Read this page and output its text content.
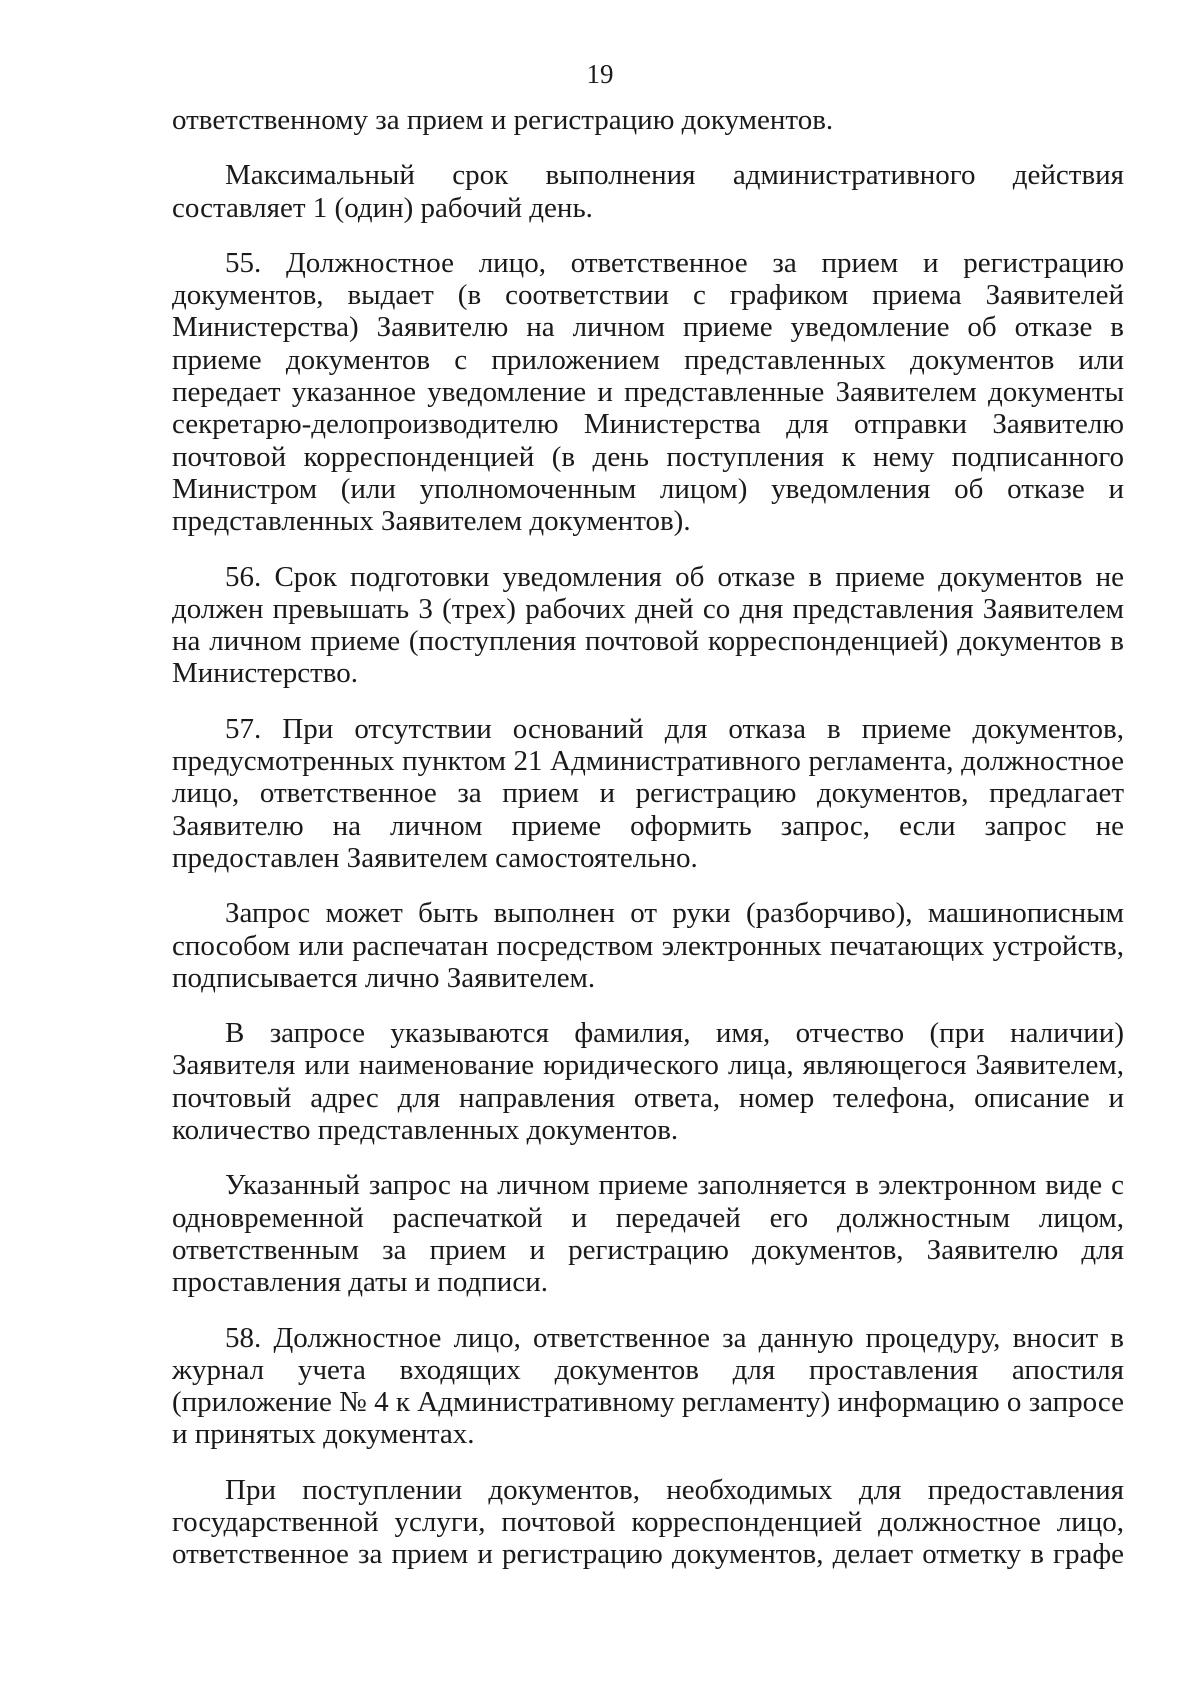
19

ответственному за прием и регистрацию документов.

Максимальный срок выполнения административного действия составляет 1 (один) рабочий день.

55. Должностное лицо, ответственное за прием и регистрацию документов, выдает (в соответствии с графиком приема Заявителей Министерства) Заявителю на личном приеме уведомление об отказе в приеме документов с приложением представленных документов или передает указанное уведомление и представленные Заявителем документы секретарю-делопроизводителю Министерства для отправки Заявителю почтовой корреспонденцией (в день поступления к нему подписанного Министром (или уполномоченным лицом) уведомления об отказе и представленных Заявителем документов).

56. Срок подготовки уведомления об отказе в приеме документов не должен превышать 3 (трех) рабочих дней со дня представления Заявителем на личном приеме (поступления почтовой корреспонденцией) документов в Министерство.

57. При отсутствии оснований для отказа в приеме документов, предусмотренных пунктом 21 Административного регламента, должностное лицо, ответственное за прием и регистрацию документов, предлагает Заявителю на личном приеме оформить запрос, если запрос не предоставлен Заявителем самостоятельно.

Запрос может быть выполнен от руки (разборчиво), машинописным способом или распечатан посредством электронных печатающих устройств, подписывается лично Заявителем.

В запросе указываются фамилия, имя, отчество (при наличии) Заявителя или наименование юридического лица, являющегося Заявителем, почтовый адрес для направления ответа, номер телефона, описание и количество представленных документов.

Указанный запрос на личном приеме заполняется в электронном виде с одновременной распечаткой и передачей его должностным лицом, ответственным за прием и регистрацию документов, Заявителю для проставления даты и подписи.

58. Должностное лицо, ответственное за данную процедуру, вносит в журнал учета входящих документов для проставления апостиля (приложение № 4 к Административному регламенту) информацию о запросе и принятых документах.

При поступлении документов, необходимых для предоставления государственной услуги, почтовой корреспонденцией должностное лицо, ответственное за прием и регистрацию документов, делает отметку в графе
